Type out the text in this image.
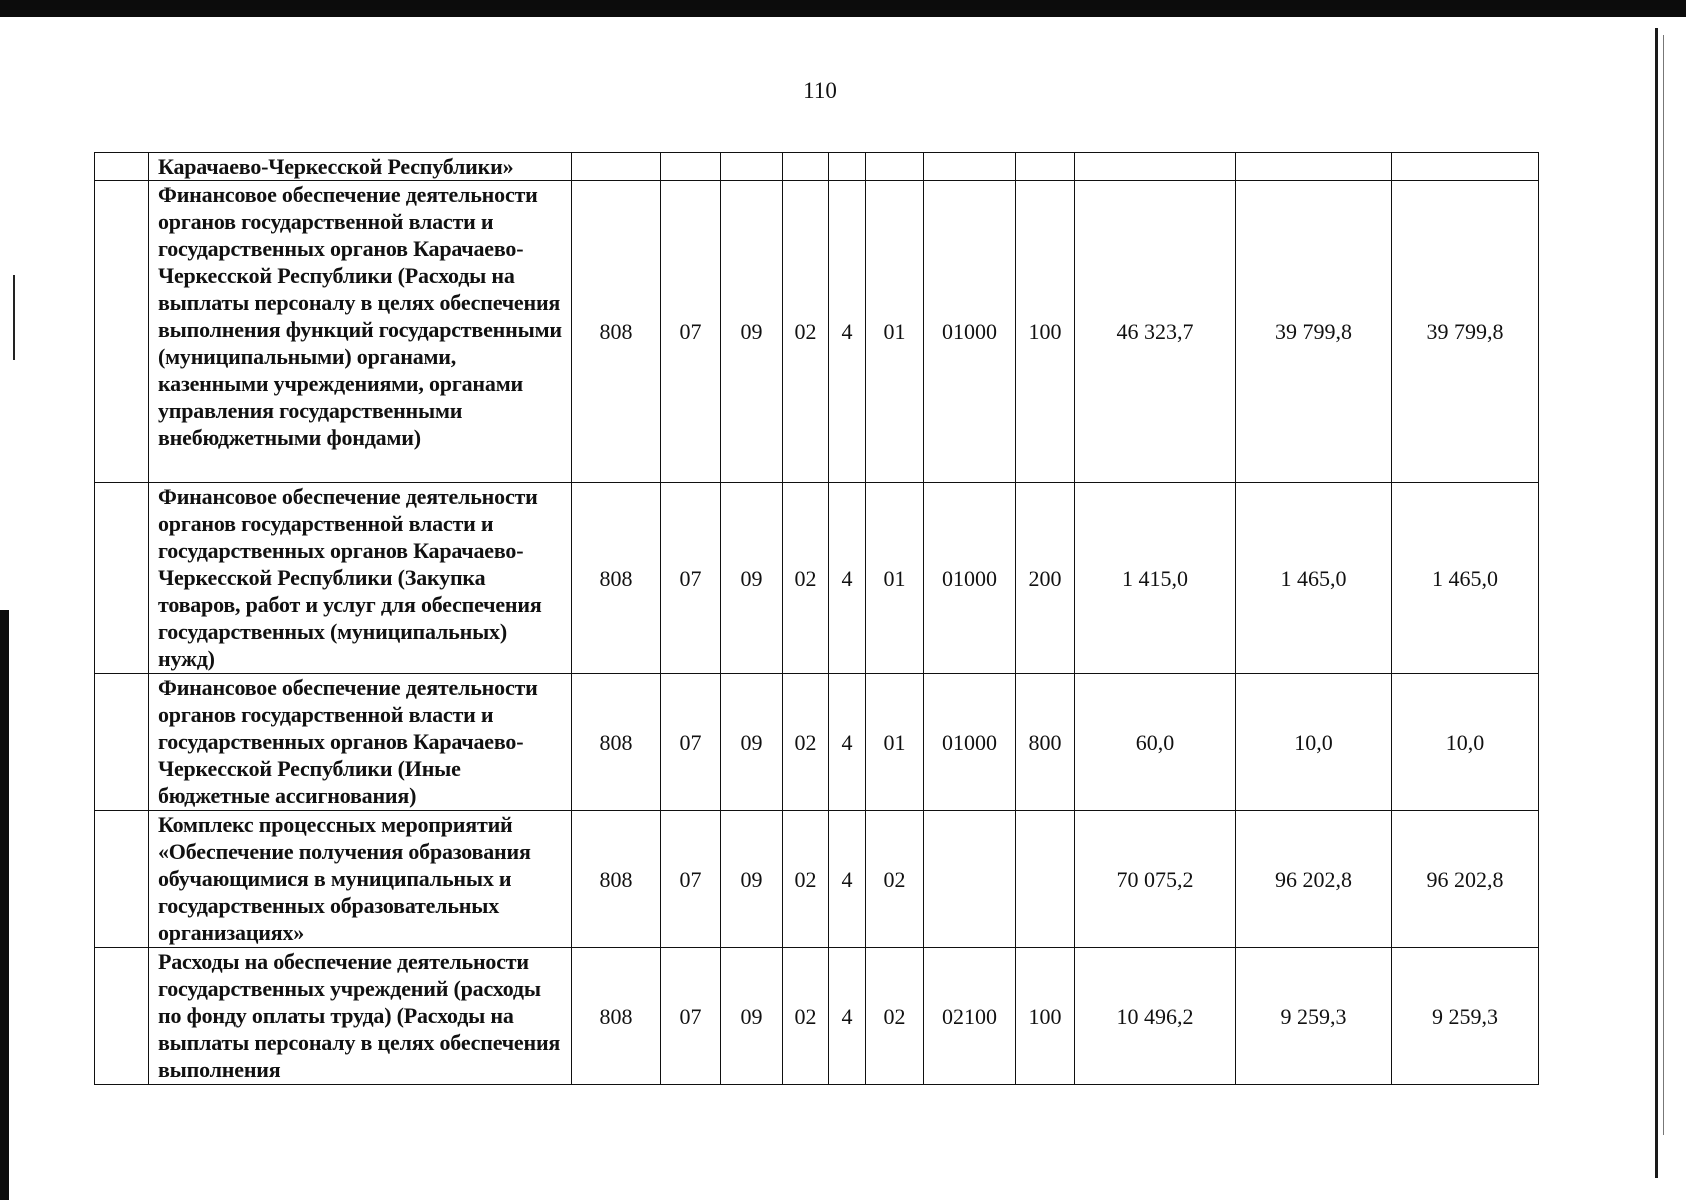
110
	Карачаево-Черкесской Республики»											
	Финансовое обеспечение деятельности органов государственной власти и государственных органов Карачаево-Черкесской Республики (Расходы на выплаты персоналу в целях обеспечения выполнения функций государственными (муниципальными) органами, казенными учреждениями, органами управления государственными внебюджетными фондами)	808	07	09	02	4	01	01000	100	46 323,7	39 799,8	39 799,8
	Финансовое обеспечение деятельности органов государственной власти и государственных органов Карачаево-Черкесской Республики (Закупка товаров, работ и услуг для обеспечения государственных (муниципальных) нужд)	808	07	09	02	4	01	01000	200	1 415,0	1 465,0	1 465,0
	Финансовое обеспечение деятельности органов государственной власти и государственных органов Карачаево-Черкесской Республики (Иные бюджетные ассигнования)	808	07	09	02	4	01	01000	800	60,0	10,0	10,0
	Комплекс процессных мероприятий «Обеспечение получения образования обучающимися в муниципальных и государственных образовательных организациях»	808	07	09	02	4	02			70 075,2	96 202,8	96 202,8
	Расходы на обеспечение деятельности государственных учреждений (расходы по фонду оплаты труда) (Расходы на выплаты персоналу в целях обеспечения выполнения	808	07	09	02	4	02	02100	100	10 496,2	9 259,3	9 259,3
